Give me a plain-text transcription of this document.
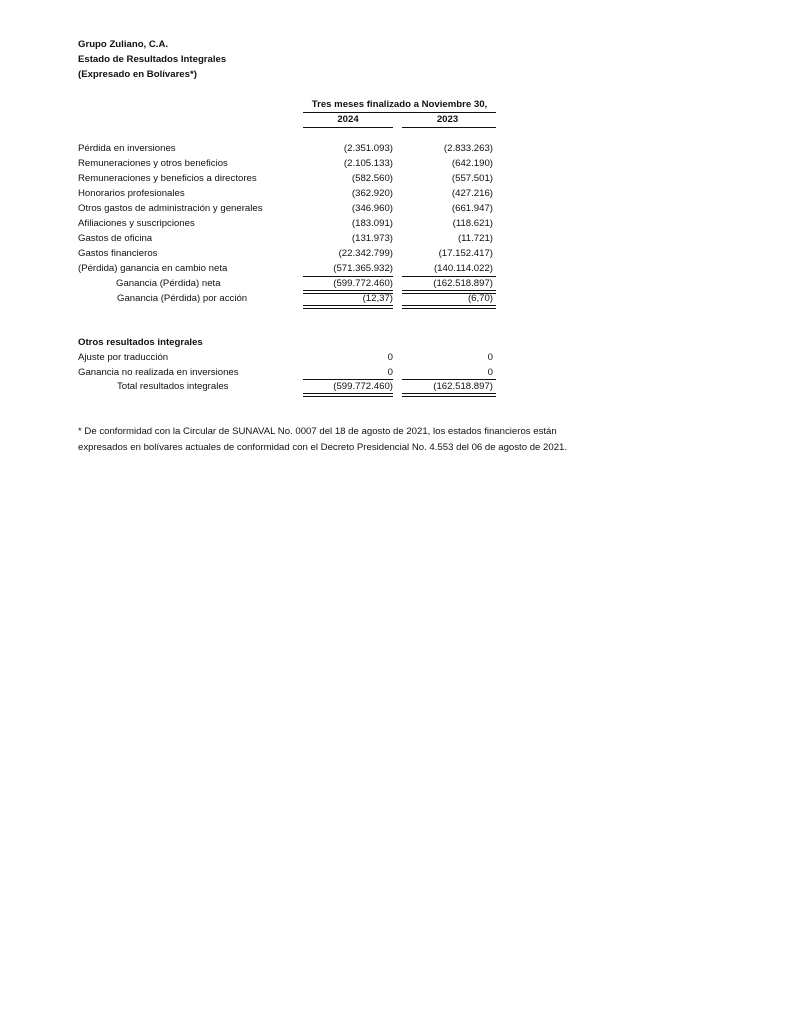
Grupo Zuliano, C.A.
Estado de Resultados Integrales
(Expresado en Bolívares*)
Tres meses finalizado a Noviembre 30,
2024	2023
Pérdida en inversiones	(2.351.093)	(2.833.263)
Remuneraciones y otros beneficios	(2.105.133)	(642.190)
Remuneraciones y beneficios a directores	(582.560)	(557.501)
Honorarios profesionales	(362.920)	(427.216)
Otros gastos de administración y generales	(346.960)	(661.947)
Afiliaciones y suscripciones	(183.091)	(118.621)
Gastos de oficina	(131.973)	(11.721)
Gastos financieros	(22.342.799)	(17.152.417)
(Pérdida) ganancia en cambio neta	(571.365.932)	(140.114.022)
Ganancia (Pérdida) neta	(599.772.460)	(162.518.897)
Ganancia (Pérdida) por acción	(12,37)	(6,70)
Otros resultados integrales
Ajuste por traducción	0	0
Ganancia no realizada en inversiones	0	0
Total resultados integrales	(599.772.460)	(162.518.897)
* De conformidad con la Circular de SUNAVAL No. 0007 del 18 de agosto de 2021, los estados financieros están
expresados en bolívares actuales de conformidad con el Decreto Presidencial No. 4.553 del 06 de agosto de 2021.
